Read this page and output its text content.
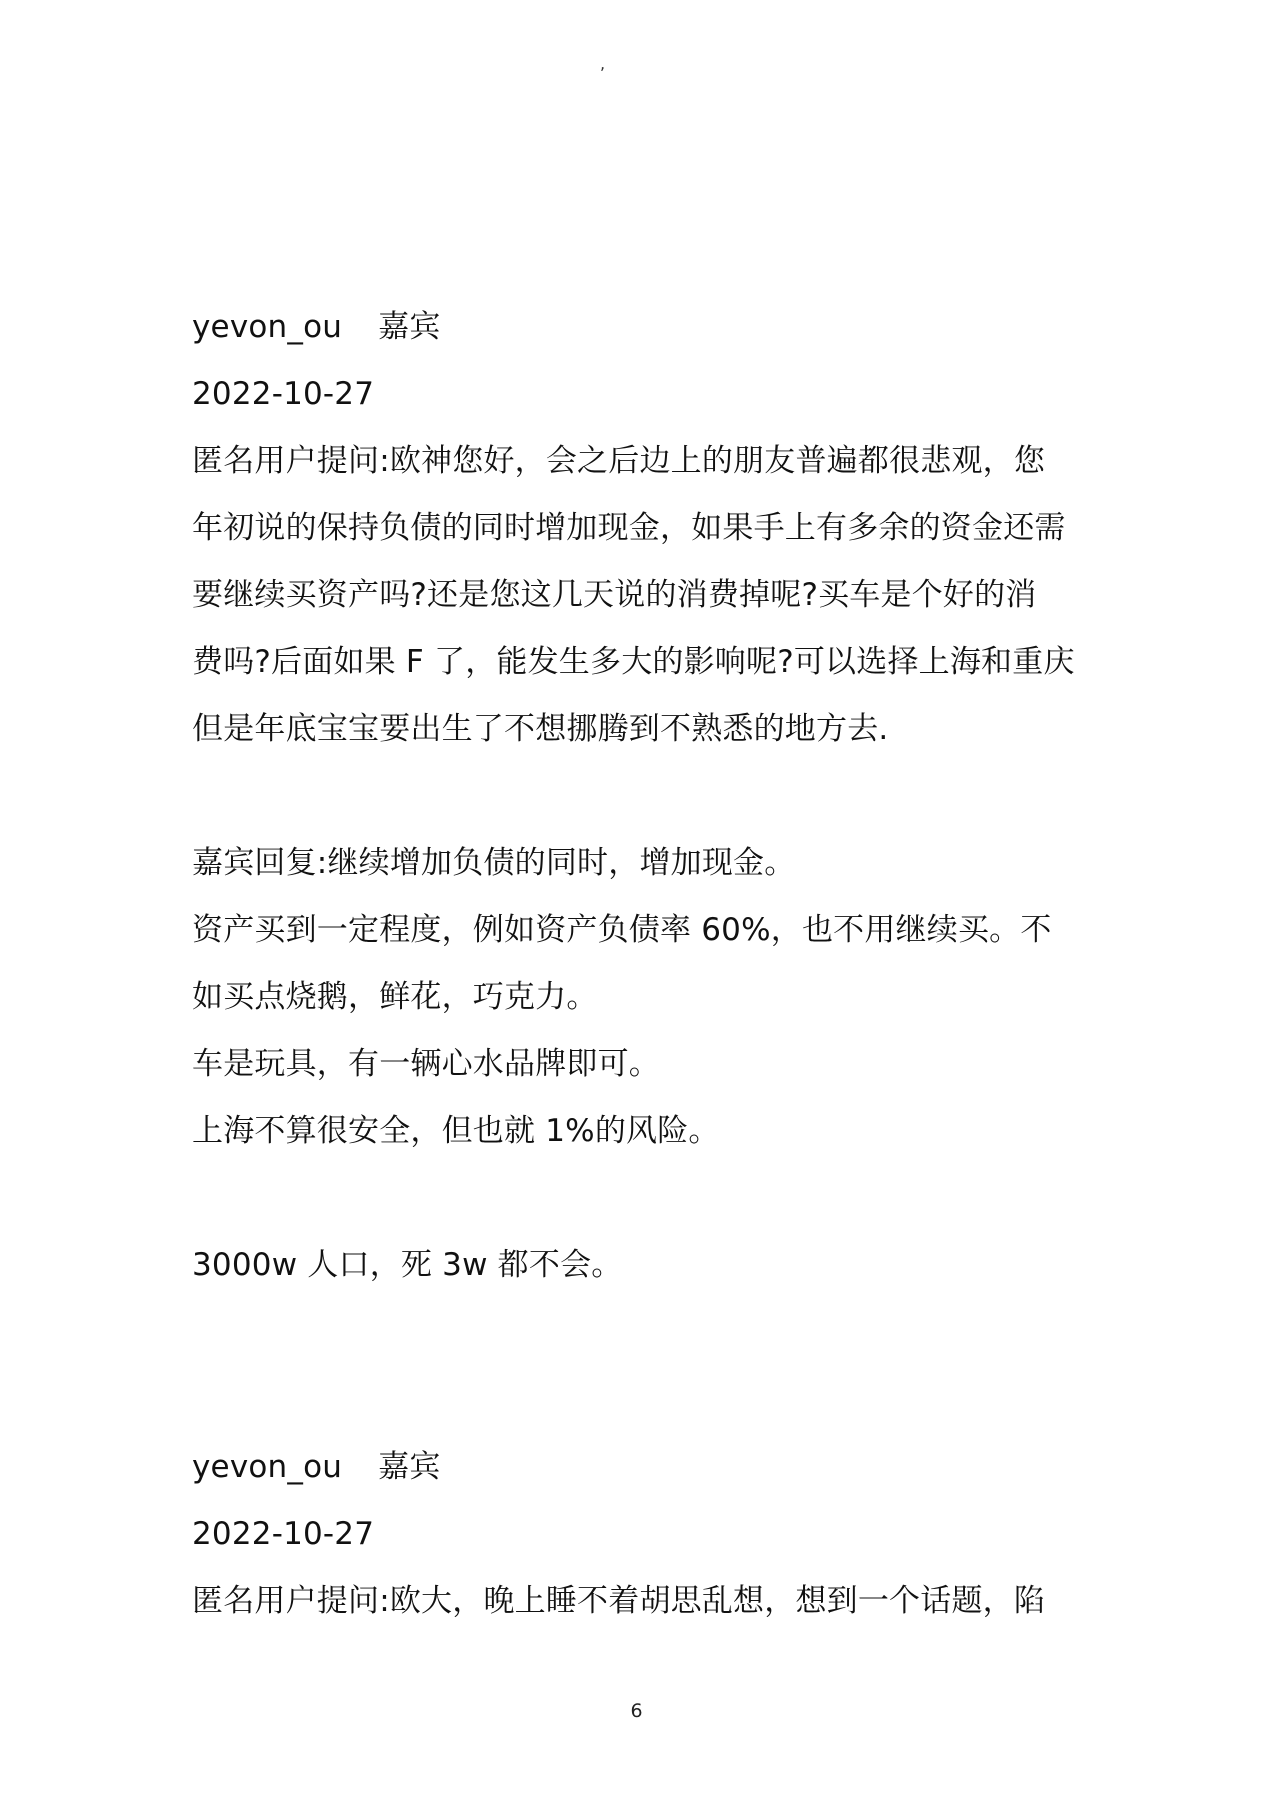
,
yevon_ou 嘉宾
2022-10-27
匿名用户提问:欧神您好，会之后边上的朋友普遍都很悲观，您
年初说的保持负债的同时增加现金，如果手上有多余的资金还需
要继续买资产吗?还是您这几天说的消费掉呢?买车是个好的消
费吗?后面如果 F 了，能发生多大的影响呢?可以选择上海和重庆
但是年底宝宝要出生了不想挪腾到不熟悉的地方去.
嘉宾回复:继续增加负债的同时，增加现金。
资产买到一定程度，例如资产负债率 60%，也不用继续买。不
如买点烧鹅，鲜花，巧克力。
车是玩具，有一辆心水品牌即可。
上海不算很安全，但也就 1%的风险。
3000w 人口，死 3w 都不会。
yevon_ou 嘉宾
2022-10-27
匿名用户提问:欧大，晚上睡不着胡思乱想，想到一个话题，陷
6
